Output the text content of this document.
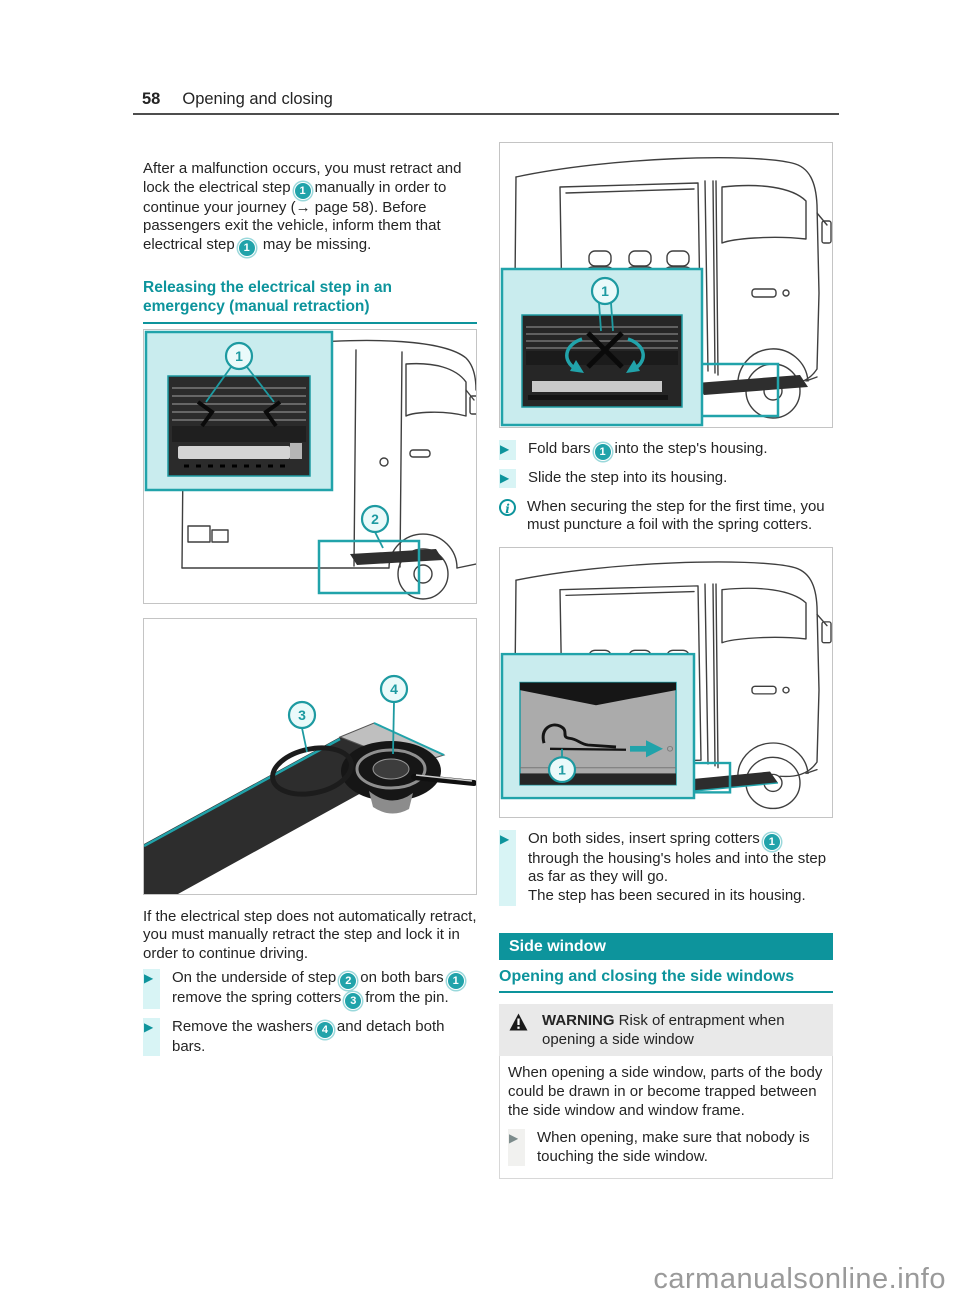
58 Opening and closing

After a malfunction occurs, you must retract and lock the electrical step 1 manually in order to continue your journey (→ page 58). Before passengers exit the vehicle, inform them that electrical step 1 may be missing.

Releasing the electrical step in an emergency (manual retraction)
2
1
3
4

If the electrical step does not automatically retract, you must manually retract the step and lock it in order to continue driving.

▶	On the underside of step 2 on both bars 1remove the spring cotters 3 from the pin.
▶	Remove the washers 4 and detach both bars.
1
▶	Fold bars 1 into the step's housing.
▶	Slide the step into its housing.
i	When securing the step for the first time, you must puncture a foil with the spring cotters.
1
▶	On both sides, insert spring cotters 1
through the housing's holes and into the step as far as they will go.
The step has been secured in its housing.
Side window
Opening and closing the side windows
WARNING Risk of entrapment when opening a side window

When opening a side window, parts of the body could be drawn in or become trapped between the side window and window frame.

▶	When opening, make sure that nobody is touching the side window.
carmanualsonline.info
